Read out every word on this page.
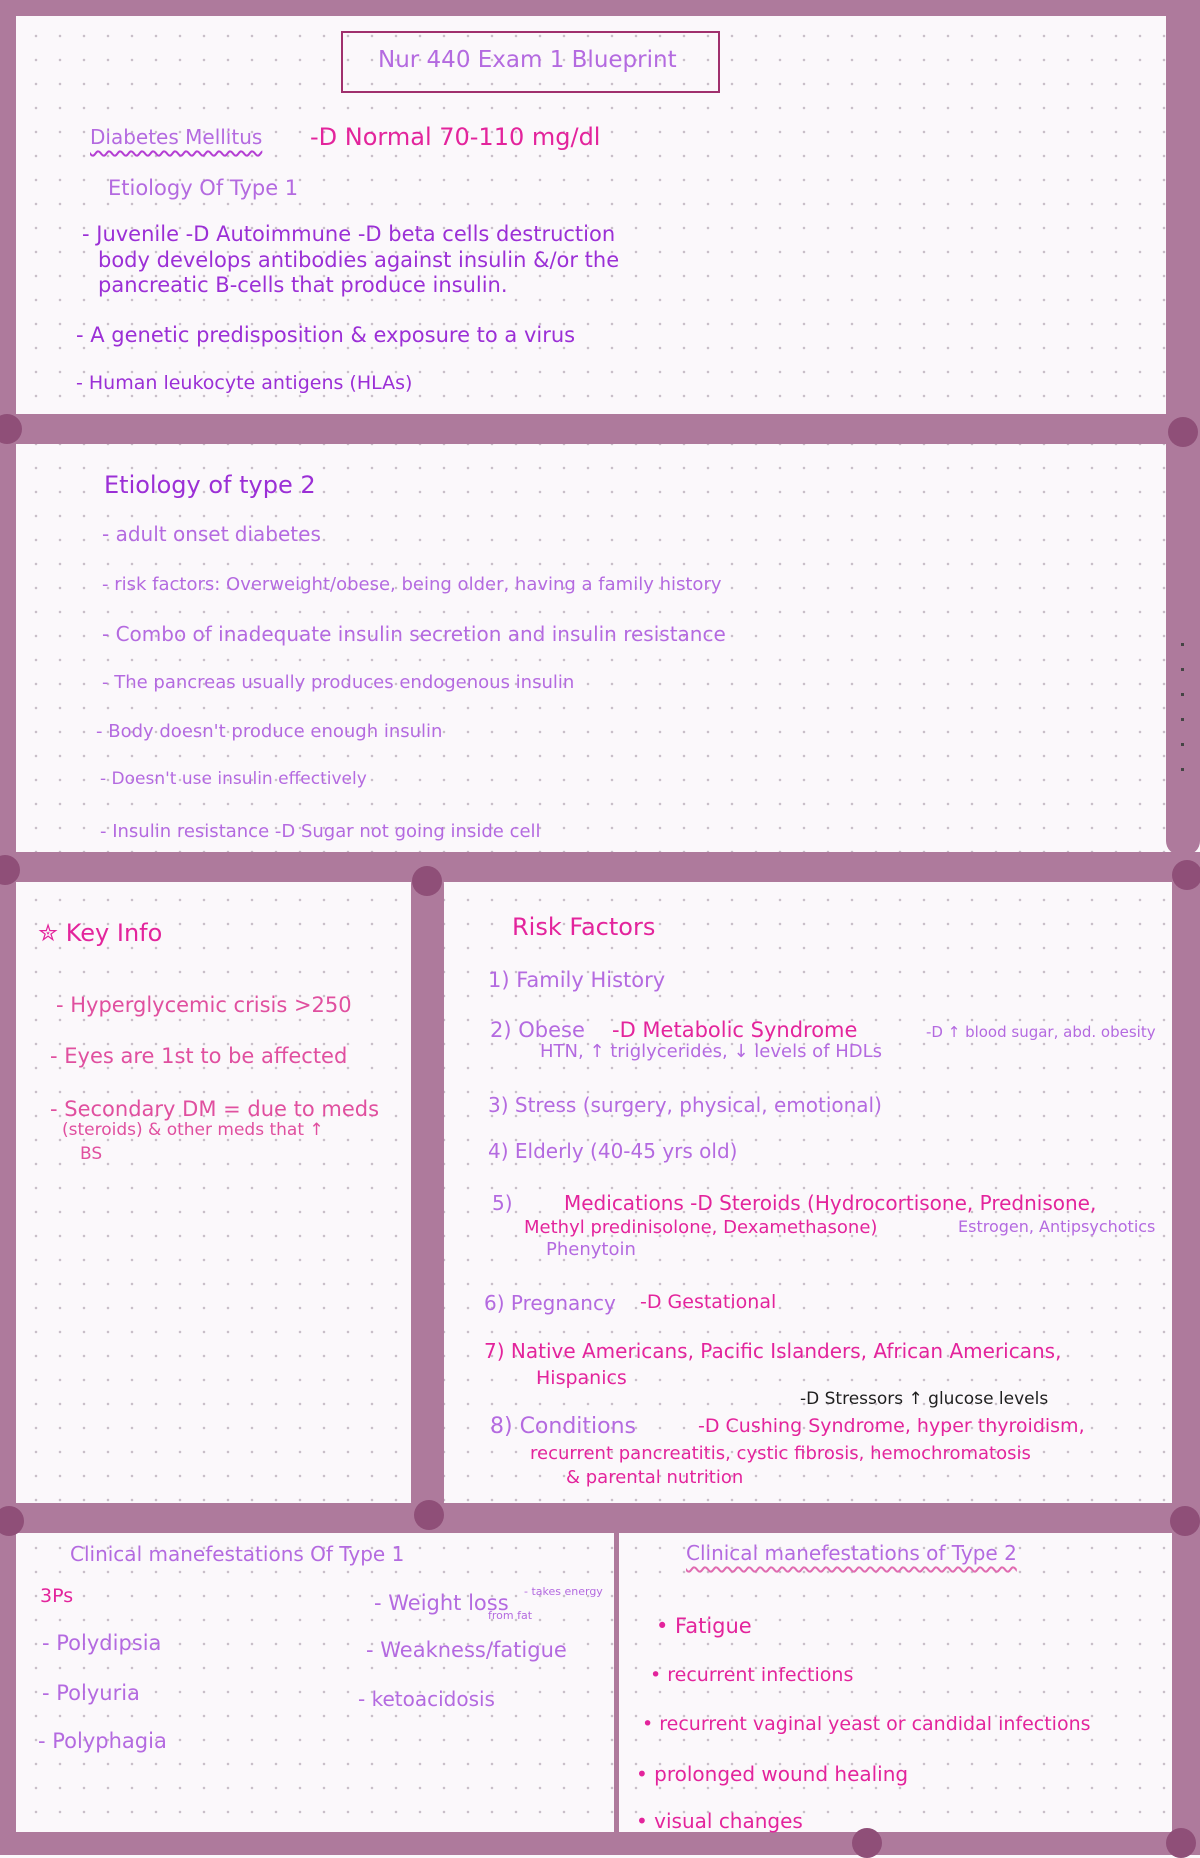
Nur 440 Exam 1 Blueprint
Diabetes Mellitus -D Normal 70-110 mg/dl
Etiology Of Type 1
- Juvenile -D Autoimmune -D beta cells destruction
body develops antibodies against insulin &/or the
pancreatic B-cells that produce insulin.
- A genetic predisposition & exposure to a virus
- Human leukocyte antigens (HLAs)
Etiology of type 2
- adult onset diabetes
- risk factors: Overweight/obese, being older, having a family history
- Combo of inadequate insulin secretion and insulin resistance
- The pancreas usually produces endogenous insulin
- Body doesn't produce enough insulin
- Doesn't use insulin effectively
- Insulin resistance -D Sugar not going inside cell
✮ Key Info
- Hyperglycemic crisis >250
- Eyes are 1st to be affected
- Secondary DM = due to meds
(steroids) & other meds that ↑
BS
Risk Factors
1) Family History
2) Obese -D Metabolic Syndrome	-D ↑ blood sugar, abd. obesity
HTN, ↑ triglycerides, ↓ levels of HDLs
3) Stress (surgery, physical, emotional)
4) Elderly (40-45 yrs old)
5)	Medications -D Steroids (Hydrocortisone, Prednisone,
Methyl predinisolone, Dexamethasone)	Estrogen, Antipsychotics
Phenytoin
6) Pregnancy -D Gestational
7) Native Americans, Pacific Islanders, African Americans,
Hispanics
-D Stressors ↑ glucose levels
8) Conditions	-D Cushing Syndrome, hyper thyroidism,
recurrent pancreatitis, cystic fibrosis, hemochromatosis
& parental nutrition
Clinical manefestations Of Type 1
3Ps
- Polydipsia
- Polyuria
- Polyphagia
- Weight loss - takes energy
from fat
- Weakness/fatigue
- ketoacidosis
Clinical manefestations of Type 2
• Fatigue
• recurrent infections
• recurrent vaginal yeast or candidal infections
• prolonged wound healing
• visual changes
